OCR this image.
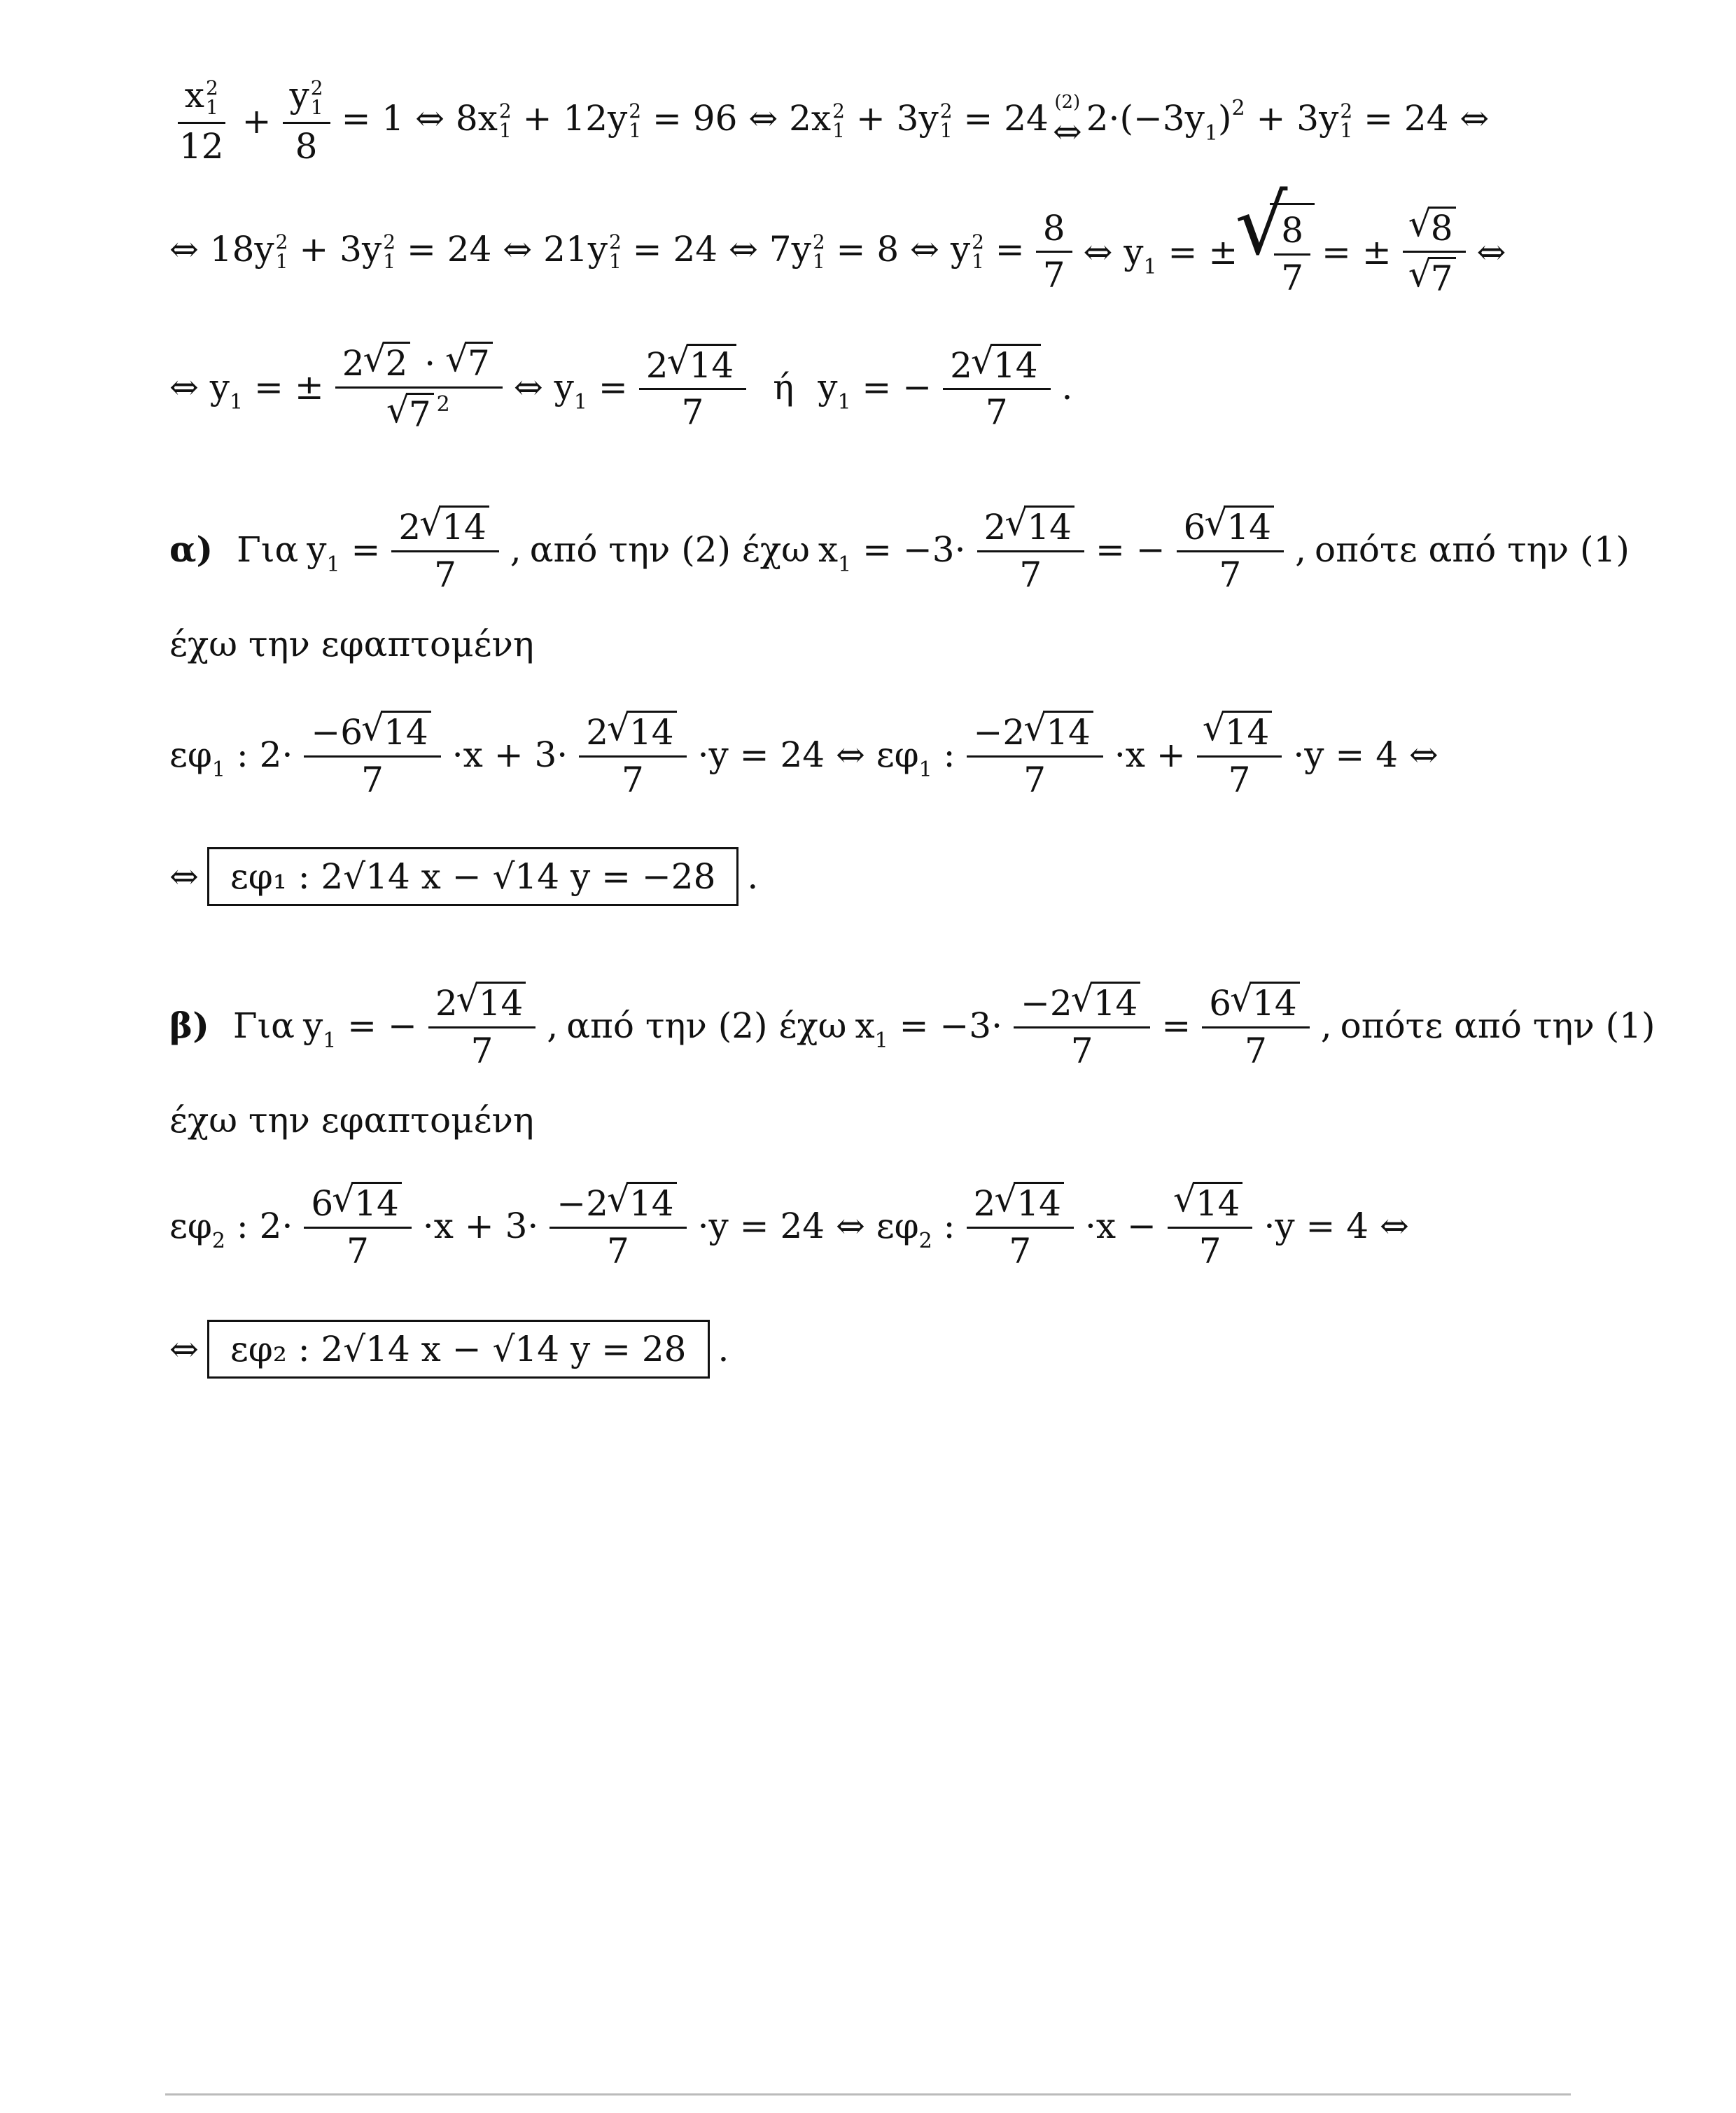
x 2
1
12 + y 2
1
8 = 1 ⇔ 8x 2
1 + 12y 2
1 = 96 ⇔ 2x 2
1 + 3y 2
1 = 24 (2)
⇔ $2\cdot(-3y_1)^2 + 3y$ 2
1 = 24 ⇔
⇔ 18y 2
1 + 3y 2
1 = 24 ⇔ 21y 2
1 = 24 ⇔ 7y 2
1 = 8 ⇔ y 2
$1 = \frac{8}{7}$ ⇔ $y_1$ = ± √ $\frac{8}{7}$ = ± √ 8
√ 7 ⇔
⇔ $y_1$ = ± 2 √ 2 · √ 7
√ 7 $^2$ ⇔ $y_1 = \frac{2 √ 14}{7}$ ή $y_1$ = − $\frac{2 √ 14}{7}$ .
α) Για $y_1 = \frac{2 √ 14}{7}$ , από την (2) έχω $x_1 = -3\cdot \frac{2 √ 14}{7}$ = − $\frac{6 √ 14}{7}$ , οπότε από την (1)
έχω την εφαπτομένη
$\varepsilon\varphi_1$ : $2\cdot \frac{-6 √ 14}{7} \cdot x + 3\cdot \frac{2 √ 14}{7} \cdot y = 24$ ⇔ $\varepsilon\varphi_1$ : $\frac{-2 √ 14}{7} \cdot x$ + √ $\frac{14}{7} \cdot y = 4$ ⇔
⇔ εφ₁ : 2√14 x − √14 y = −28 .
β) Για $y_1$ = − $\frac{2 √ 14}{7}$ , από την (2) έχω $x_1 = -3\cdot \frac{-2 √ 14}{7} = \frac{6 √ 14}{7}$ , οπότε από την (1)
έχω την εφαπτομένη
$\varepsilon\varphi_2$ : $2\cdot \frac{6 √ 14}{7} \cdot x + 3\cdot \frac{-2 √ 14}{7} \cdot y = 24$ ⇔ $\varepsilon\varphi_2$ : $\frac{2 √ 14}{7} \cdot x$ − √ $\frac{14}{7} \cdot y = 4$ ⇔
⇔ εφ₂ : 2√14 x − √14 y = 28 .
